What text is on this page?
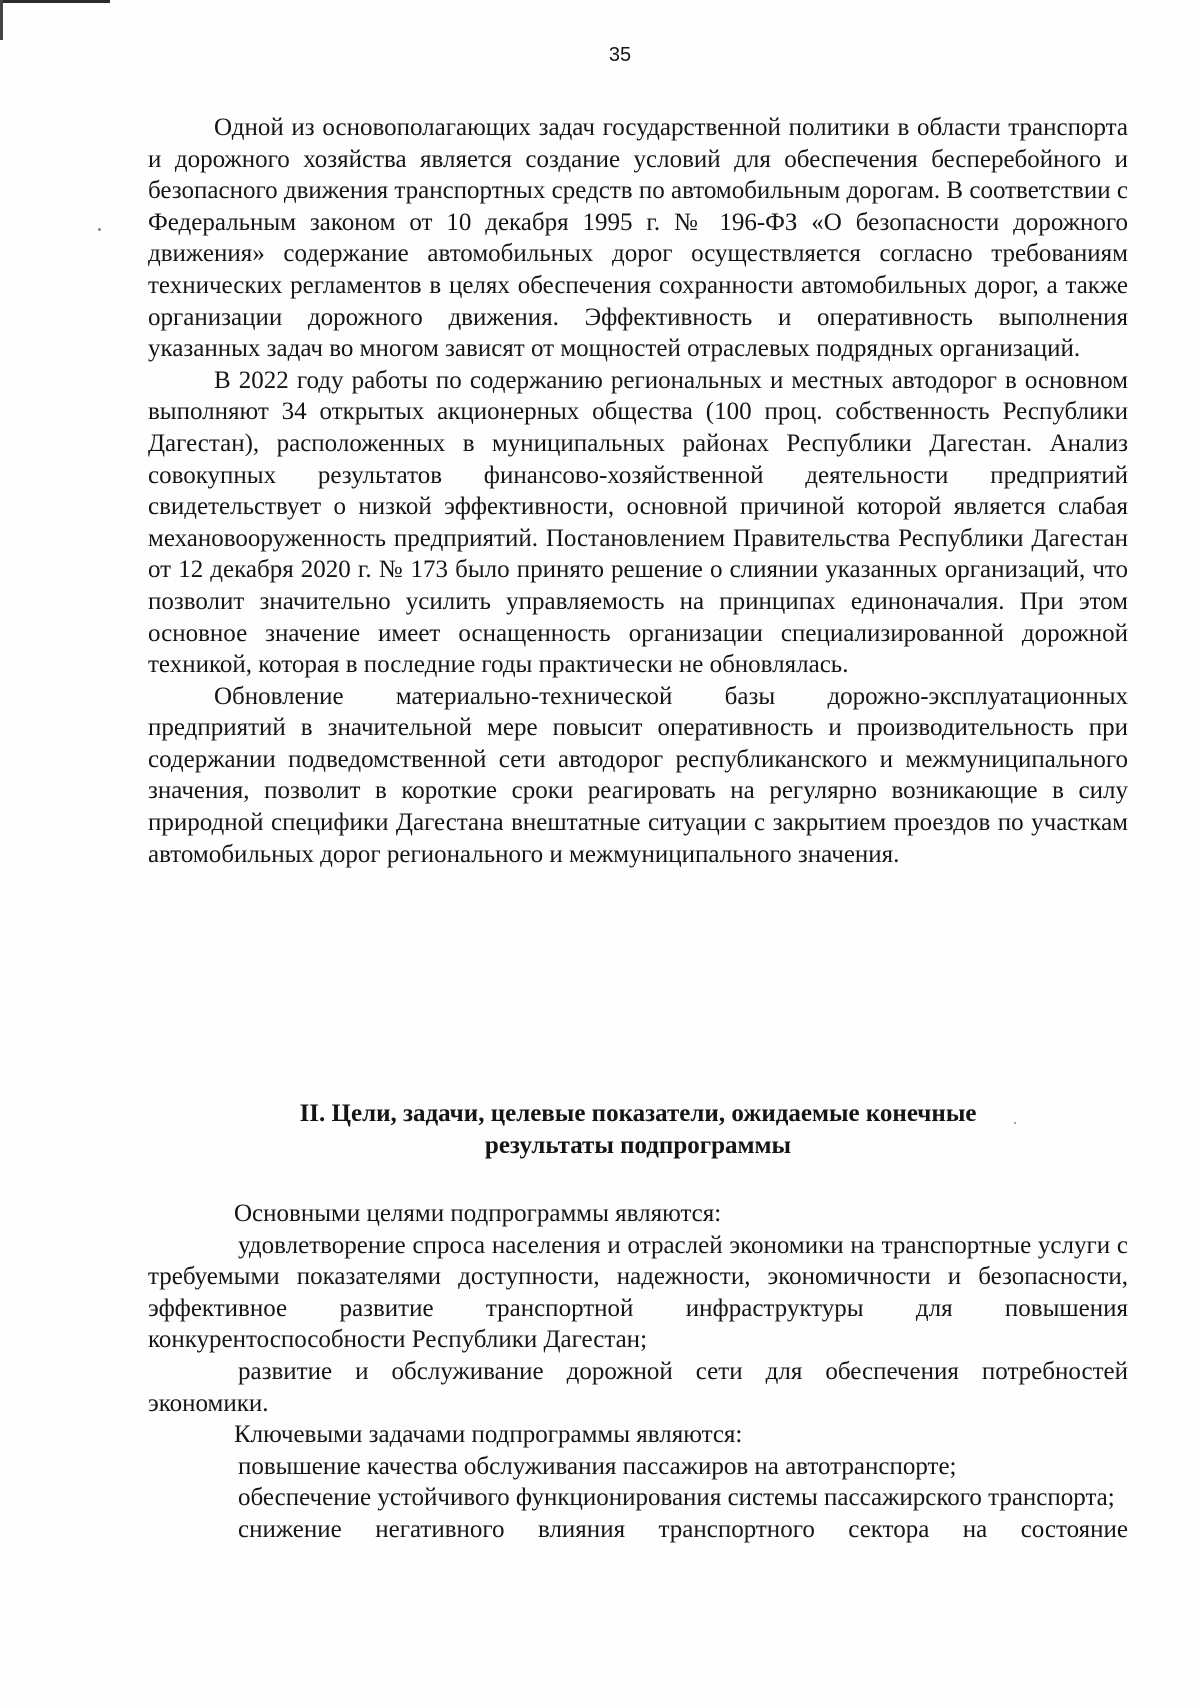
35

Одной из основополагающих задач государственной политики в области транспорта и дорожного хозяйства является создание условий для обеспечения бесперебойного и безопасного движения транспортных средств по автомобильным дорогам. В соответствии с Федеральным законом от 10 декабря 1995 г. № 196-ФЗ «О безопасности дорожного движения» содержание автомобильных дорог осуществляется согласно требованиям технических регламентов в целях обеспечения сохранности автомобильных дорог, а также организации дорожного движения. Эффективность и оперативность выполнения указанных задач во многом зависят от мощностей отраслевых подрядных организаций.

В 2022 году работы по содержанию региональных и местных автодорог в основном выполняют 34 открытых акционерных общества (100 проц. собственность Республики Дагестан), расположенных в муниципальных районах Республики Дагестан. Анализ совокупных результатов финансово-хозяйственной деятельности предприятий свидетельствует о низкой эффективности, основной причиной которой является слабая механовооруженность предприятий. Постановлением Правительства Республики Дагестан от 12 декабря 2020 г. № 173 было принято решение о слиянии указанных организаций, что позволит значительно усилить управляемость на принципах единоначалия. При этом основное значение имеет оснащенность организации специализированной дорожной техникой, которая в последние годы практически не обновлялась.

Обновление материально-технической базы дорожно-эксплуатационных предприятий в значительной мере повысит оперативность и производительность при содержании подведомственной сети автодорог республиканского и межмуниципального значения, позволит в короткие сроки реагировать на регулярно возникающие в силу природной специфики Дагестана внештатные ситуации с закрытием проездов по участкам автомобильных дорог регионального и межмуниципального значения.

II. Цели, задачи, целевые показатели, ожидаемые конечные
результаты подпрограммы

Основными целями подпрограммы являются:

удовлетворение спроса населения и отраслей экономики на транспортные услуги с требуемыми показателями доступности, надежности, экономичности и безопасности, эффективное развитие транспортной инфраструктуры для повышения конкурентоспособности Республики Дагестан;

развитие и обслуживание дорожной сети для обеспечения потребностей экономики.

Ключевыми задачами подпрограммы являются:

повышение качества обслуживания пассажиров на автотранспорте;

обеспечение устойчивого функционирования системы пассажирского транспорта;

снижение негативного влияния транспортного сектора на состояние
